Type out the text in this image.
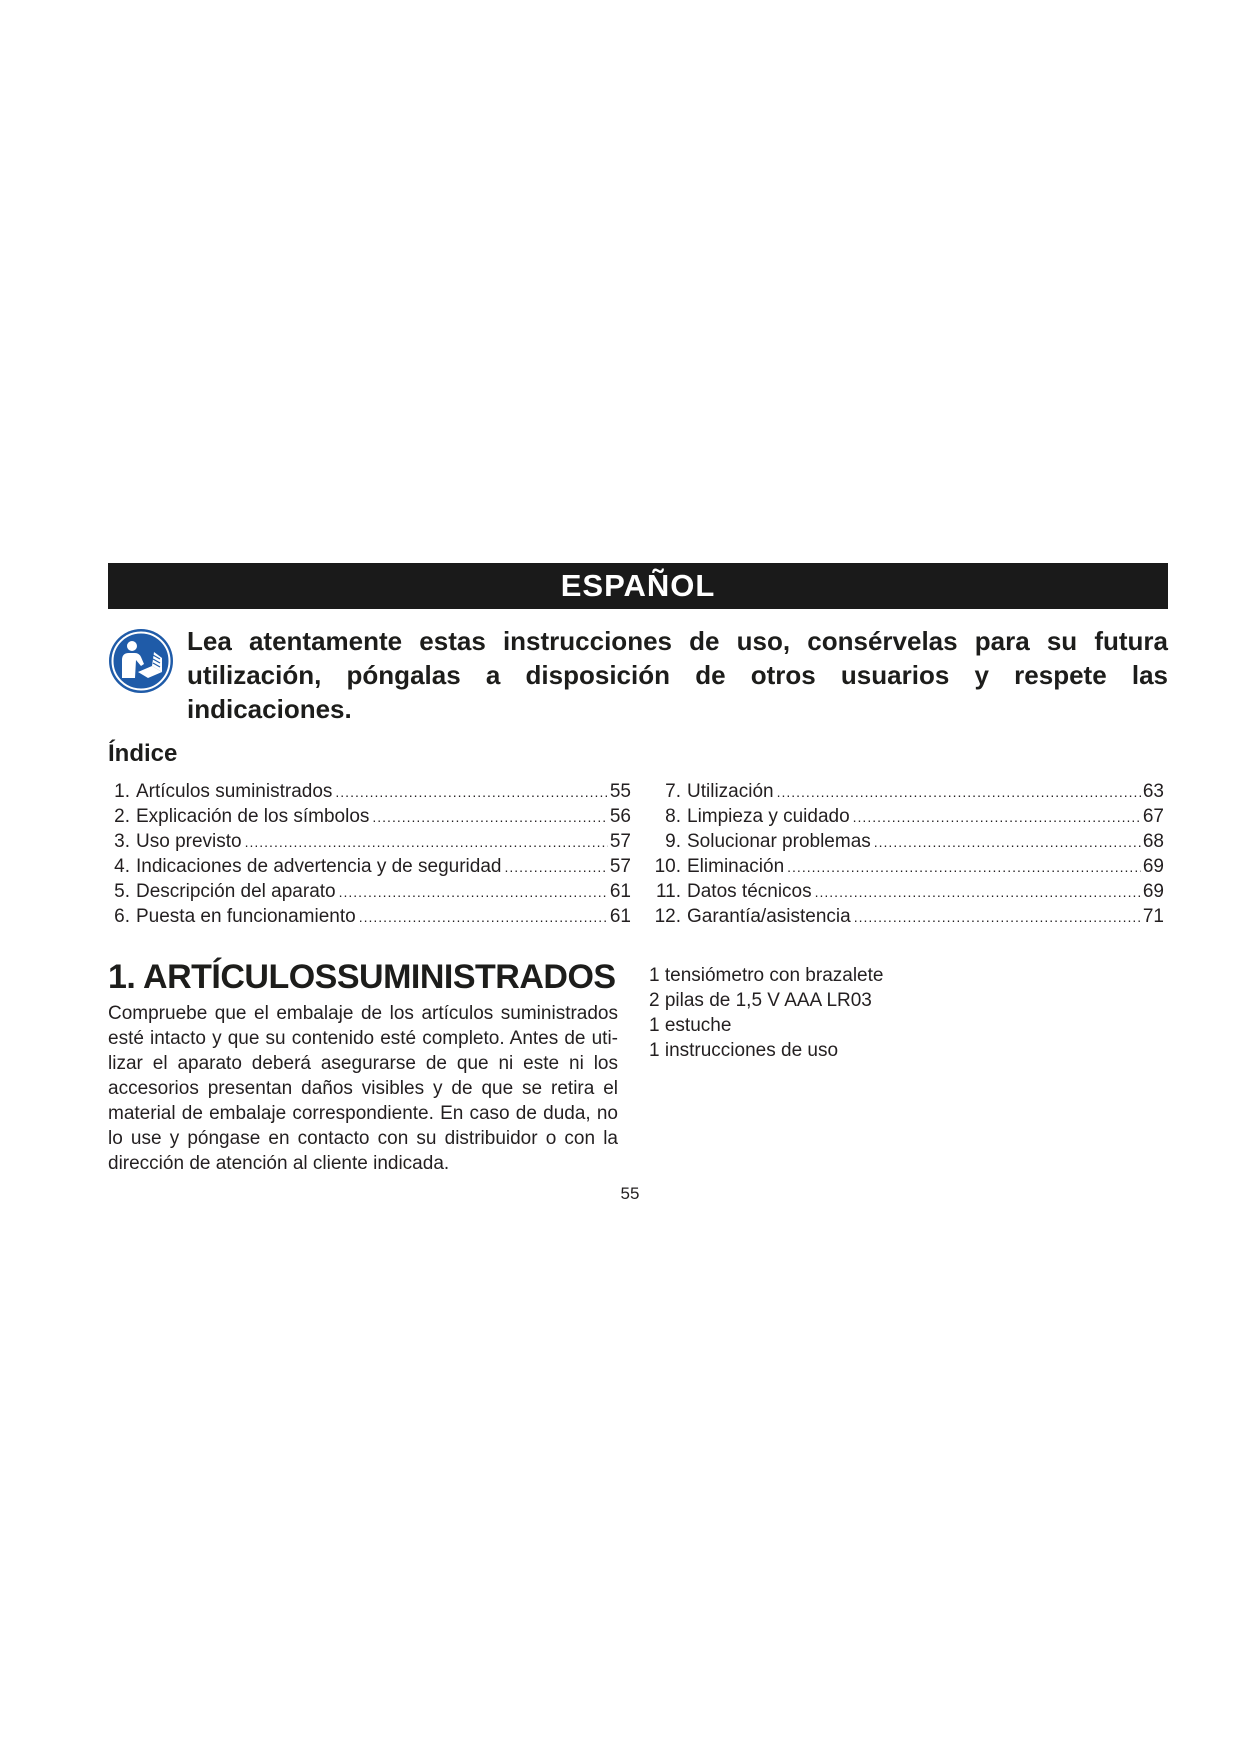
ESPAÑOL
Lea atentamente estas instrucciones de uso, consérvelas para su futura utilización, póngalas a disposición de otros usuarios y respete las indicaciones.
Índice
1. Artículos suministrados .....	55
2. Explicación de los símbolos .....	56
3. Uso previsto .....	57
4. Indicaciones de advertencia y de seguridad .....	57
5. Descripción del aparato .....	61
6. Puesta en funcionamiento .....	61
7. Utilización .....	63
8. Limpieza y cuidado .....	67
9. Solucionar problemas .....	68
10. Eliminación .....	69
11. Datos técnicos .....	69
12. Garantía/asistencia .....	71
1. ARTÍCULOSSUMINISTRADOS
Compruebe que el embalaje de los artículos suministrados esté intacto y que su contenido esté completo. Antes de utilizar el aparato deberá asegurarse de que ni este ni los accesorios presentan daños visibles y de que se retira el material de embalaje correspondiente. En caso de duda, no lo use y póngase en contacto con su distribuidor o con la dirección de atención al cliente indicada.
1 tensiómetro con brazalete
2 pilas de 1,5 V AAA LR03
1 estuche
1 instrucciones de uso
55
